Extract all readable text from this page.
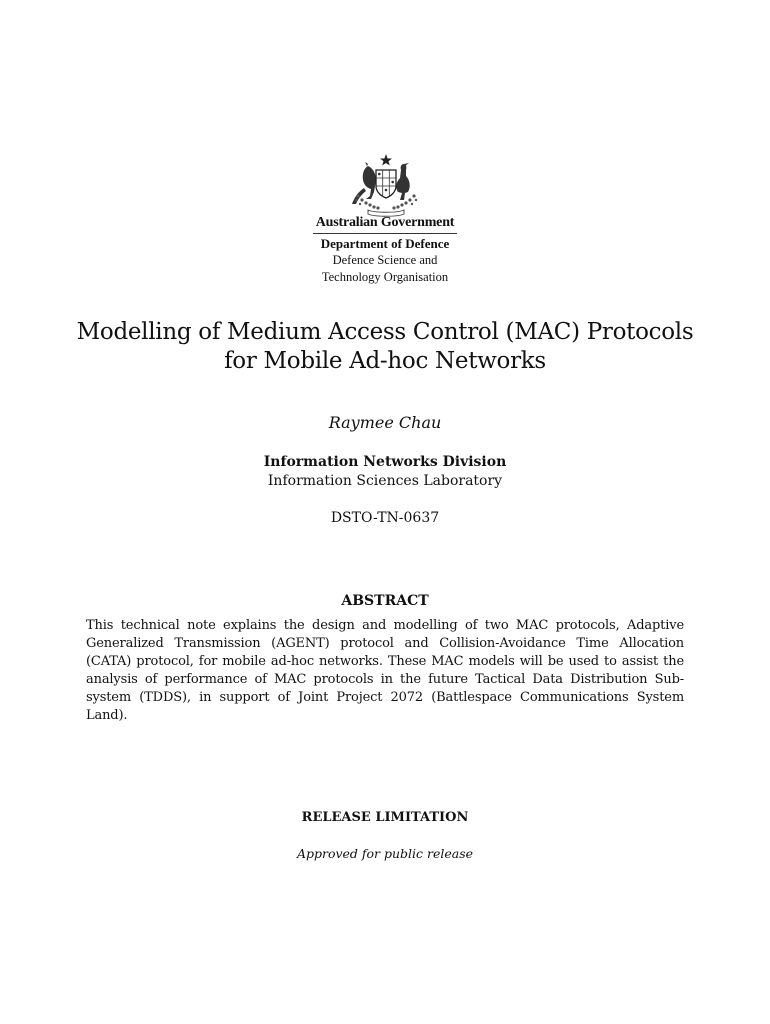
Australian Government
Department of Defence
Defence Science and
Technology Organisation
Modelling of Medium Access Control (MAC) Protocols
for Mobile Ad-hoc Networks
Raymee Chau
Information Networks Division
Information Sciences Laboratory
DSTO-TN-0637
ABSTRACT
This technical note explains the design and modelling of two MAC protocols, Adaptive Generalized Transmission (AGENT) protocol and Collision-Avoidance Time Allocation (CATA) protocol, for mobile ad-hoc networks. These MAC models will be used to assist the analysis of performance of MAC protocols in the future Tactical Data Distribution Sub-system (TDDS), in support of Joint Project 2072 (Battlespace Communications System Land).
RELEASE LIMITATION
Approved for public release
